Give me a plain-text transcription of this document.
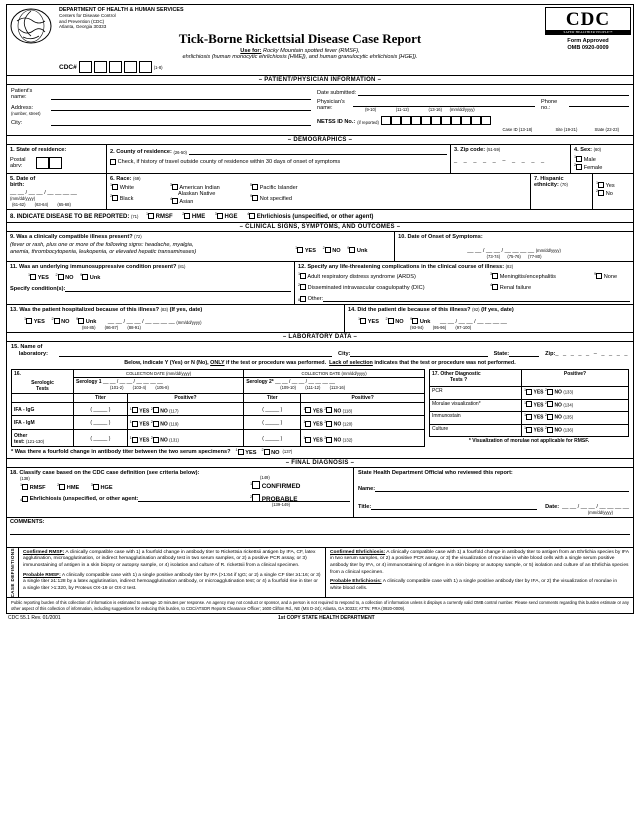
DEPARTMENT OF HEALTH & HUMAN SERVICES
Centers for Disease Control
and Prevention (CDC)
Atlanta, Georgia 30333
Tick-Borne Rickettsial Disease Case Report
Use for: Rocky Mountain spotted fever (RMSF),
ehrlichiosis (human monocytic ehrlichiosis [HME]), and human granulocytic ehrlichiosis [HGE]).
CDC
SAFER·HEALTHIER·PEOPLE™
Form Approved
OMB 0920-0009
CDC#	(1-8)
– PATIENT/PHYSICIAN INFORMATION –
Patient's
name:
Address:
(number, street)
City:
Date submitted:
Physician's
name:	(9-10)	(11-12)	(13-16) (mm/dd/yyyy)
Phone
no.:
NETSS ID No.: (if reported)
Case ID (13-18)	Site (19-21)	State (22-23)
– DEMOGRAPHICS –
1.
State of residence:
Postal
abrv:
2.
County of residence:
(26-50)

Check, if history of travel outside county of residence within 30 days of onset of symptoms
3.
Zip code:
(51-59)
_ _ _ _ _ – _ _ _ _
4.
Sex:
(60)
$^1$ Male
$^2$ Female
5.
Date of
birth:
__ __ / __ __ / __ __ __ __ (mm/dd/yyyy)
(61-62) (63-64) (65-68)
6.
Race:
(69)
$^1$ White
$^2$ Black
$^3$ American Indian
Alaskan Native
$^4$ Asian
$^5$ Pacific Islander
$^9$ Not specified
7.
Hispanic
ethnicity: (70)	$^1$ Yes
$^2$ No
8. INDICATE DISEASE TO BE REPORTED: (71) $^1$ RMSF	$^2$ HME	$^3$ HGE	$^4$ Ehrlichiosis (unspecified, or other agent)
– CLINICAL SIGNS, SYMPTOMS, AND OUTCOMES –
9.
Was a clinically compatible illness present?
(72)
(fever or rash, plus one or more of the following signs: headache, myalgia,
anemia, thrombocytopenia, leukopenia, or elevated hepatic transaminases)
$^1$ YES $^2$ NO $^9$ Unk
10.
Date of Onset of Symptoms:
__ __ / __ __ / __ __ __ __ (mm/dd/yyyy)
(73-74) (75-76) (77-80)
11.
Was an underlying immunosuppressive condition present?
(81)
$^1$ YES $^2$ NO $^9$ Unk
Specify condition(s):
12.
Specify any life-threatening complications in the clinical course of illness:
(82)
$^1$ Adult respiratory distress syndrome (ARDS)
$^2$ Disseminated intravascular coagulopathy (DIC)
$^3$ Meningitis/encephalitis
$^4$ Renal failure
$^9$ None
8
Other:
13.
Was the patient hospitalized because of this illness?
(83)
(If yes, date)
$^1$ YES $^2$ NO $^9$ Unk __ __ / __ __ / __ __ __ __ (mm/dd/yyyy)
(84-85) (86-87) (88-91)
14.
Did the patient die because of this illness?
(92)
(If yes, date)
$^1$ YES $^2$ NO $^9$ Unk __ __ / __ __ / __ __ __ __
(93-94) (95-96) (97-100)
– LABORATORY DATA –
15. Name of
laboratory:	City:	State:	Zip: _ _ _ _ _ – _ _ _ _
Below, indicate Y (Yes) or N (No), ONLY if the test or procedure was performed.  Lack of selection indicates that the test or procedure was not performed.
16.

Serologic
Tests	COLLECTION DATE (mm/dd/yyyy)		COLLECTION DATE (mm/dd/yyyy)	
	Serology 1 __ __ / __ __ / __ __ __ __
(101-2) (103-4) (105-8)		Serology 2* __ __ / __ __ / __ __ __ __
(109-10) (111-12) (113-16)	

	Titer	Positive?	Titer	Positive?
IFA - IgG	( _____ )	$^1$ YES $^2$ NO (117)	( _____ )	$^1$ YES $^2$ NO (118)
IFA - IgM	( _____ )	$^1$ YES $^2$ NO (119)	( _____ )	$^1$ YES $^2$ NO (120)
Other
test: (121-130)	( _____ )	$^1$ YES $^2$ NO (131)	( _____ )	$^1$ YES $^2$ NO (132)
17. Other Diagnostic
Tests ?	Positive?
PCR	$^1$ YES $^2$ NO (133)
Morulae visualization*	$^1$ YES $^2$ NO (134)
Immunostain	$^1$ YES $^2$ NO (135)
Culture	$^1$ YES $^2$ NO (136)
* Visualization of morulae not applicable for RMSF.	
* Was there a fourfold change in antibody titer between the two serum specimens? $^1$ YES $^2$ NO (137)
– FINAL DIAGNOSIS –
18.
Classify case based on the CDC case definition (see criteria below):
(138)
$^1$ RMSF	$^2$ HME	$^3$ HGE
4
Ehrlichiosis (unspecified, or other agent:
(139-149)
(149)
$^1$ CONFIRMED
$^2$ PROBABLE
State Health Department Official who reviewed this report:
Name:
Title:	Date: __ __ / __ __ / __ __ __ __
(mm/dd/yyyy)
COMMENTS:
CASE DEFINITIONS Confirmed RMSF: A clinically compatible case with 1) a fourfold change in antibody titer to Rickettsia rickettsii antigen by IFA, CF, latex agglutination, microagglutination, or indirect hemagglutination antibody test in two serum samples, or 2) a positive PCR assay, or 3) immunostaining of antigen in a skin biopsy or autopsy sample, or 4) isolation and culture of R. rickettsii from a clinical specimen.

Probable RMSF: A clinically compatible case with 1) a single positive antibody titer by IFA (>1:64 if IgG; or 2) a single CF titer ≥1:16; or 3) a single titer ≥1:128 by a latex agglutination, indirect hemoagglutination antibody, or microagglutination test; or 4) a fourfold rise in titer or a single titer >1:320, by Proteus OX-19 or OX-2 test.

Confirmed Ehrlichiosis: A clinically compatible case with 1) a fourfold change in antibody titer to antigen from an Ehrlichia species by IFA in two serum samples, or 2) a positive PCR assay, or 3) the visualization of morulae in white blood cells with a single serum positive antibody titer by IFA, or 4) immunostaining of antigen in a skin biopsy or autopsy sample, or 5) isolation and culture of an Ehrlichia species from a clinical specimen.

Probable Ehrlichiosis: A clinically compatible case with 1) a single positive antibody titer by IFA, or 2) the visualization of morulae in white blood cells.

Public reporting burden of this collection of information is estimated to average 10 minutes per response. An agency may not conduct or sponsor, and a person is not required to respond to, a collection of information unless it displays a currently valid OMB control number. Please send comments regarding this burden estimate or any other aspect of this collection of information, including suggestions for reducing this burden, to CDC/ATSDR Reports Clearance Officer; 1600 Clifton Rd., NE (MS D-24); Atlanta, GA 30333; ATTN: PRA (0920-0009).
CDC 55.1 Rev. 01/2001	1st COPY STATE HEALTH DEPARTMENT
